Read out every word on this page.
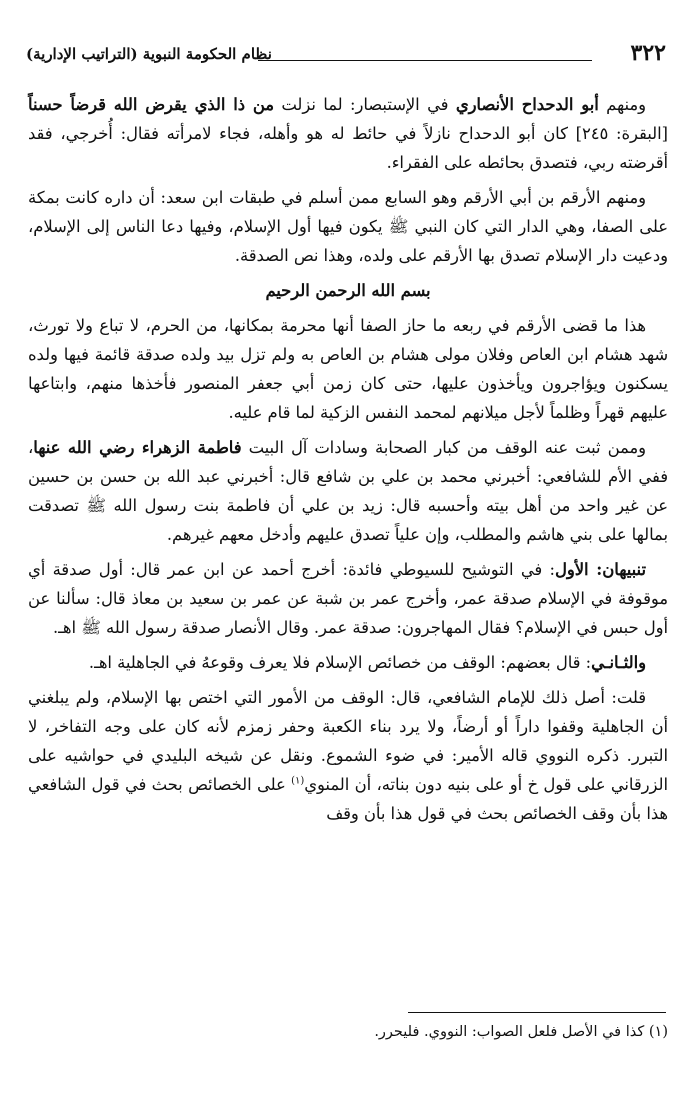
٣٢٢
نظام الحكومة النبوية (التراتيب الإدارية)

ومنهم أبو الدحداح الأنصاري في الإستبصار: لما نزلت من ذا الذي يقرض الله قرضاً حسناً [البقرة: ٢٤٥] كان أبو الدحداح نازلاً في حائط له هو وأهله، فجاء لامرأته فقال: أُخرجي، فقد أقرضته ربي، فتصدق بحائطه على الفقراء.

ومنهم الأرقم بن أبي الأرقم وهو السابع ممن أسلم في طبقات ابن سعد: أن داره كانت بمكة على الصفا، وهي الدار التي كان النبي ﷺ يكون فيها أول الإسلام، وفيها دعا الناس إلى الإسلام، ودعيت دار الإسلام تصدق بها الأرقم على ولده، وهذا نص الصدقة.

بسم الله الرحمن الرحيم

هذا ما قضى الأرقم في ربعه ما حاز الصفا أنها محرمة بمكانها، من الحرم، لا تباع ولا تورث، شهد هشام ابن العاص وفلان مولى هشام بن العاص به ولم تزل بيد ولده صدقة قائمة فيها ولده يسكنون ويؤاجرون ويأخذون عليها، حتى كان زمن أبي جعفر المنصور فأخذها منهم، وابتاعها عليهم قهراً وظلماً لأجل ميلانهم لمحمد النفس الزكية لما قام عليه.

وممن ثبت عنه الوقف من كبار الصحابة وسادات آل البيت فاطمة الزهراء رضي الله عنها، ففي الأم للشافعي: أخبرني محمد بن علي بن شافع قال: أخبرني عبد الله بن حسن بن حسين عن غير واحد من أهل بيته وأحسبه قال: زيد بن علي أن فاطمة بنت رسول الله ﷺ تصدقت بمالها على بني هاشم والمطلب، وإن علياً تصدق عليهم وأدخل معهم غيرهم.

تنبيهان: الأول: في التوشيح للسيوطي فائدة: أخرج أحمد عن ابن عمر قال: أول صدقة أي موقوفة في الإسلام صدقة عمر، وأخرج عمر بن شبة عن عمر بن سعيد بن معاذ قال: سألنا عن أول حبس في الإسلام؟ فقال المهاجرون: صدقة عمر. وقال الأنصار صدقة رسول الله ﷺ اهـ.

والثـانـي: قال بعضهم: الوقف من خصائص الإسلام فلا يعرف وقوعهُ في الجاهلية اهـ.

قلت: أصل ذلك للإمام الشافعي، قال: الوقف من الأمور التي اختص بها الإسلام، ولم يبلغني أن الجاهلية وقفوا داراً أو أرضاً، ولا يرد بناء الكعبة وحفر زمزم لأنه كان على وجه التفاخر، لا التبرر. ذكره النووي قاله الأمير: في ضوء الشموع. ونقل عن شيخه البليدي في حواشيه على الزرقاني على قول خ أو على بنيه دون بناته، أن المنوي$^{(١)}$ على الخصائص بحث في قول الشافعي هذا بأن وقف الخصائص بحث في قول هذا بأن وقف

(١) كذا في الأصل فلعل الصواب: النووي. فليحرر.
